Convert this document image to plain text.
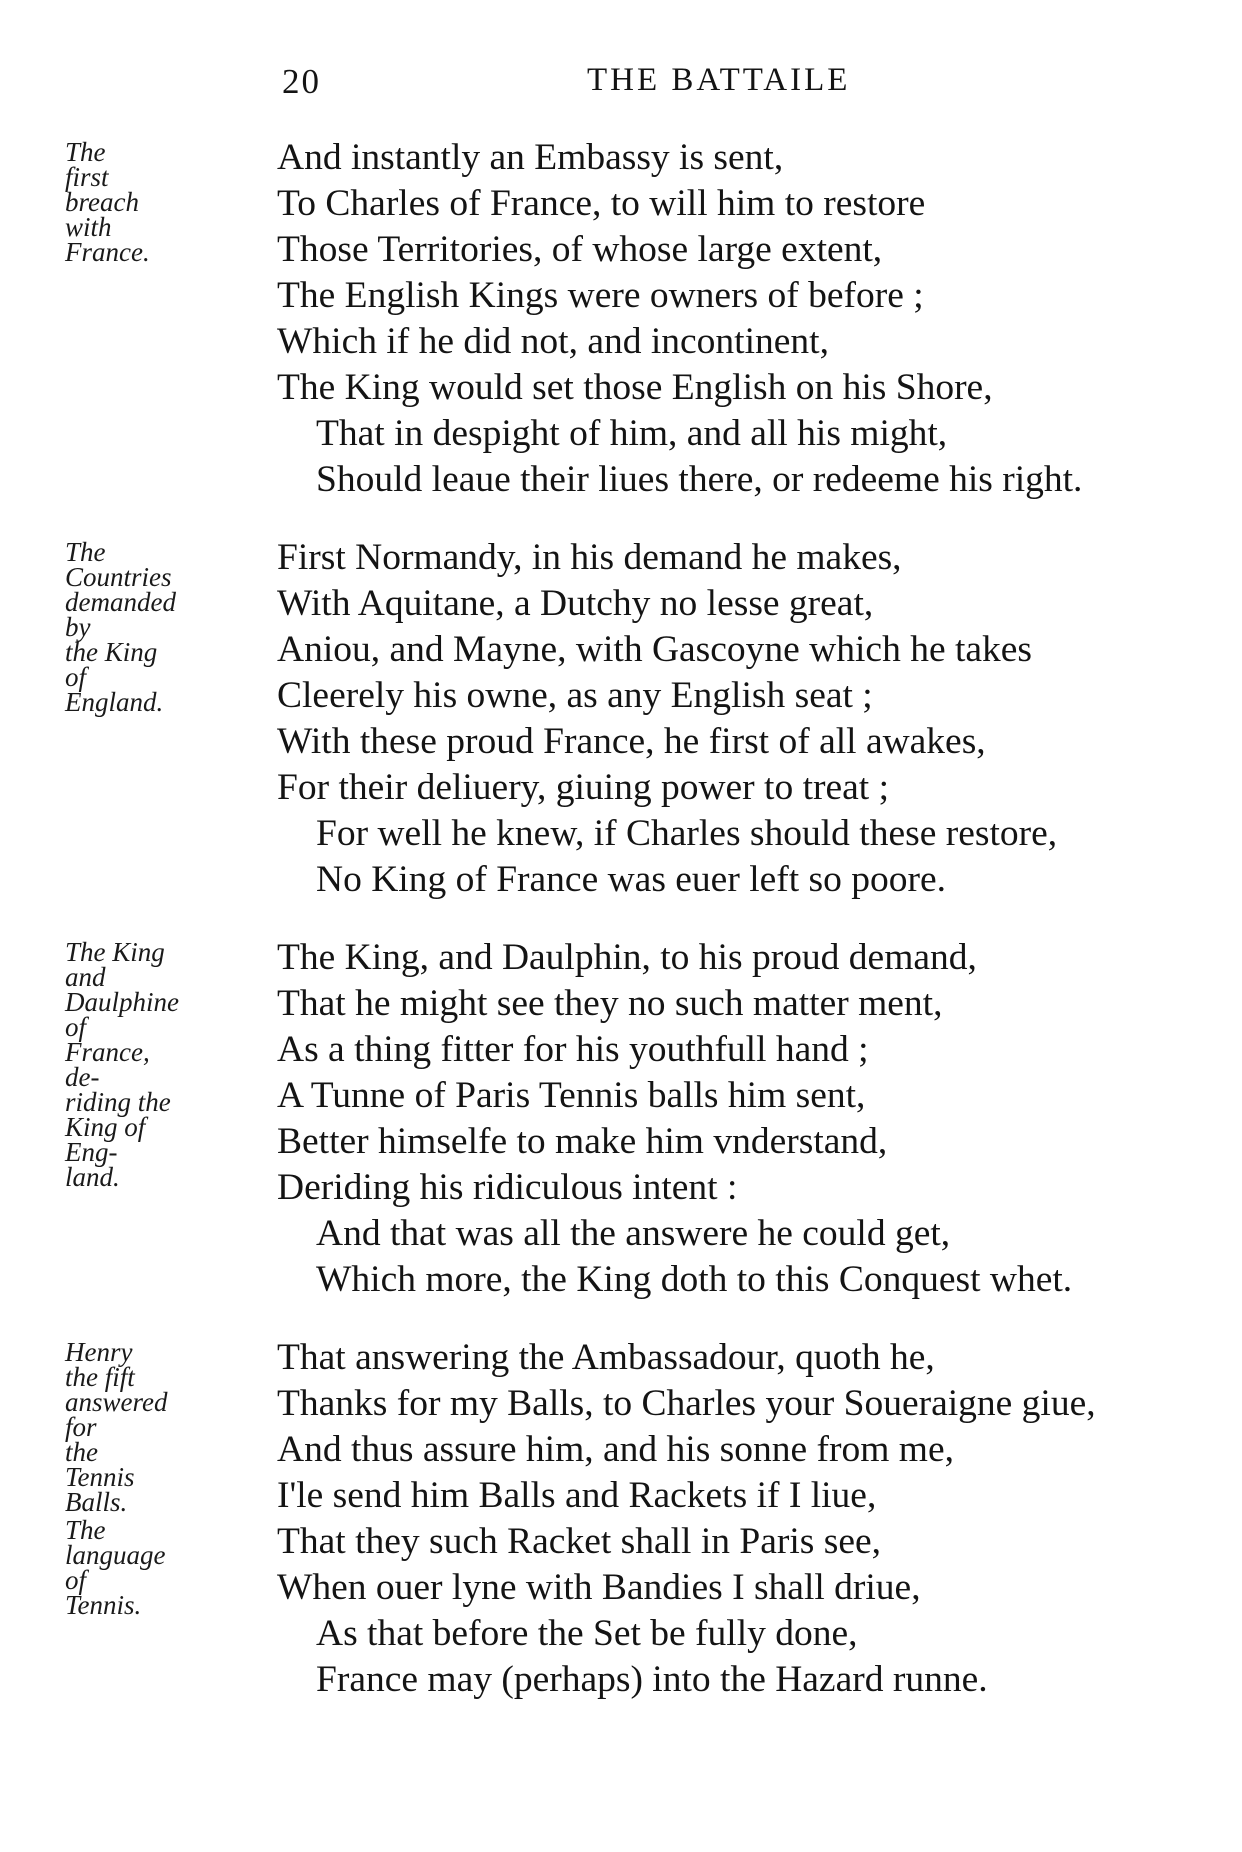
20	THE BATTAILE
The first
breach with
France.
And instantly an Embassy is sent,
To Charles of France, to will him to restore
Those Territories, of whose large extent,
The English Kings were owners of before ;
Which if he did not, and incontinent,
The King would set those English on his Shore,
That in despight of him, and all his might,
Should leaue their liues there, or redeeme his right.
The Countries
demanded by
the King of
England.
First Normandy, in his demand he makes,
With Aquitane, a Dutchy no lesse great,
Aniou, and Mayne, with Gascoyne which he takes
Cleerely his owne, as any English seat ;
With these proud France, he first of all awakes,
For their deliuery, giuing power to treat ;
For well he knew, if Charles should these restore,
No King of France was euer left so poore.
The King and
Daulphine of
France, de-
riding the
King of Eng-
land.
The King, and Daulphin, to his proud demand,
That he might see they no such matter ment,
As a thing fitter for his youthfull hand ;
A Tunne of Paris Tennis balls him sent,
Better himselfe to make him vnderstand,
Deriding his ridiculous intent :
And that was all the answere he could get,
Which more, the King doth to this Conquest whet.
Henry the fift
answered for
the Tennis
Balls.
The language
of Tennis.
That answering the Ambassadour, quoth he,
Thanks for my Balls, to Charles your Soueraigne giue,
And thus assure him, and his sonne from me,
I'le send him Balls and Rackets if I liue,
That they such Racket shall in Paris see,
When ouer lyne with Bandies I shall driue,
As that before the Set be fully done,
France may (perhaps) into the Hazard runne.
